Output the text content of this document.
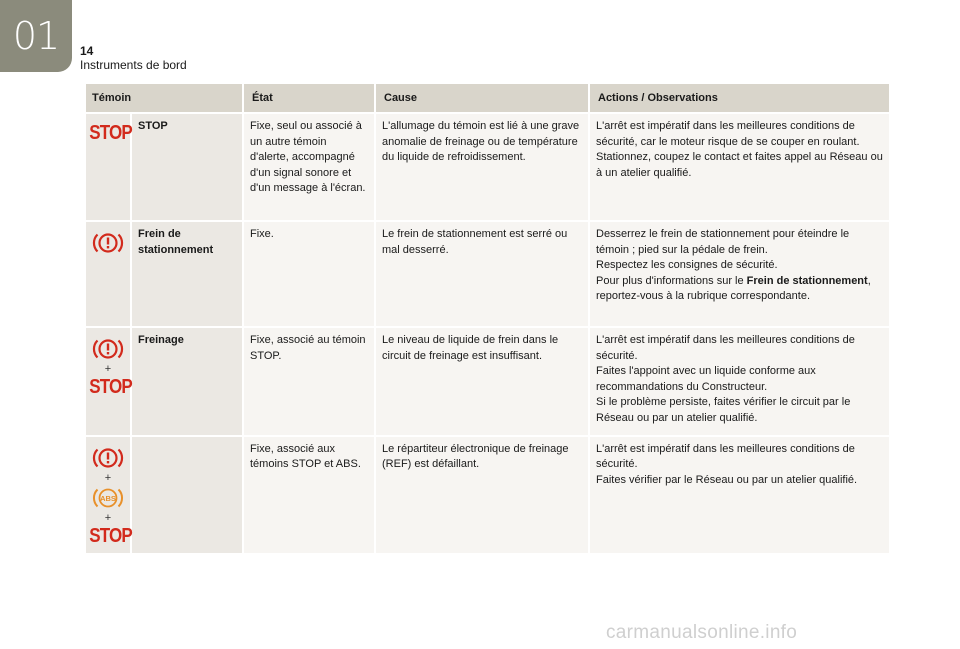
01 14
Instruments de bord
Témoin		État	Cause	Actions / Observations

STOP	STOP	Fixe, seul ou associé à un autre témoin d'alerte, accompagné d'un signal sonore et d'un message à l'écran.	L'allumage du témoin est lié à une grave anomalie de freinage ou de température du liquide de refroidissement.	L'arrêt est impératif dans les meilleures conditions de sécurité, car le moteur risque de se couper en roulant.
Stationnez, coupez le contact et faites appel au Réseau ou à un atelier qualifié.

	Frein de stationnement	Fixe.	Le frein de stationnement est serré ou mal desserré.	Desserrez le frein de stationnement pour éteindre le témoin ; pied sur la pédale de frein.
Respectez les consignes de sécurité.
Pour plus d'informations sur le Frein de stationnement, reportez-vous à la rubrique correspondante.

+
STOP	Freinage	Fixe, associé au témoin STOP.	Le niveau de liquide de frein dans le circuit de freinage est insuffisant.	L'arrêt est impératif dans les meilleures conditions de sécurité.
Faites l'appoint avec un liquide conforme aux recommandations du Constructeur.
Si le problème persiste, faites vérifier le circuit par le Réseau ou par un atelier qualifié.

+
ABS
+
STOP		Fixe, associé aux témoins STOP et ABS.	Le répartiteur électronique de freinage (REF) est défaillant.	L'arrêt est impératif dans les meilleures conditions de sécurité.
Faites vérifier par le Réseau ou par un atelier qualifié.
carmanualsonline.info
